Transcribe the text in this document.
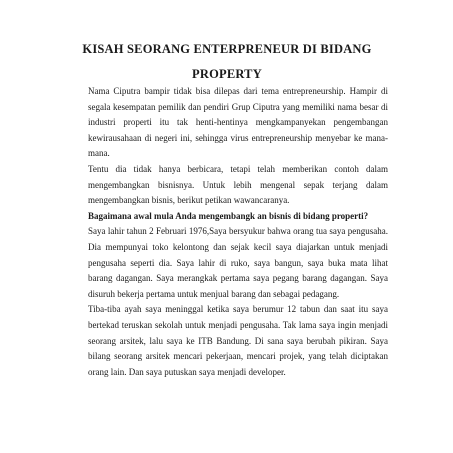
KISAH SEORANG ENTERPRENEUR DI BIDANG
PROPERTY

Nama Ciputra bampir tidak bisa dilepas dari tema entrepreneurship. Hampir di segala kesempatan pemilik dan pendiri Grup Ciputra yang memiliki nama besar di industri properti itu tak henti-hentinya mengkampanyekan pengembangan kewirausahaan di negeri ini, sehingga virus entrepreneurship menyebar ke mana-mana.

Tentu dia tidak hanya berbicara, tetapi telah memberikan contoh dalam mengembangkan bisnisnya. Untuk lebih mengenal sepak terjang dalam mengembangkan bisnis, berikut petikan wawancaranya.

Bagaimana awal mula Anda mengembangk an bisnis di bidang properti?

Saya lahir tahun 2 Februari 1976,Saya bersyukur bahwa orang tua saya pengusaha. Dia mempunyai toko kelontong dan sejak kecil saya diajarkan untuk menjadi pengusaha seperti dia. Saya lahir di ruko, saya bangun, saya buka mata lihat barang dagangan. Saya merangkak pertama saya pegang barang dagangan. Saya disuruh bekerja pertama untuk menjual barang dan sebagai pedagang.

Tiba-tiba ayah saya meninggal ketika saya berumur 12 tabun dan saat itu saya bertekad teruskan sekolah untuk menjadi pengusaha. Tak lama saya ingin menjadi seorang arsitek, lalu saya ke ITB Bandung. Di sana saya berubah pikiran. Saya bilang seorang arsitek mencari pekerjaan, mencari projek, yang telah diciptakan orang lain. Dan saya putuskan saya menjadi developer.
